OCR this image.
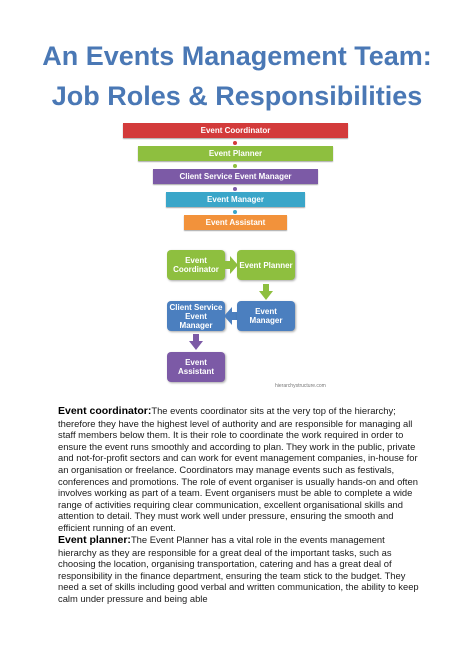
An Events Management Team:
Job Roles & Responsibilities
Event Coordinator
Event Planner
Client Service Event Manager
Event Manager
Event Assistant
Event Coordinator	Event Planner
Client Service Event Manager
Event Manager
Event Assistant
hierarchystructure.com
Event coordinator:The events coordinator sits at the very top of the hierarchy; therefore they have the highest level of authority and are responsible for managing all staff members below them. It is their role to coordinate the work required in order to ensure the event runs smoothly and according to plan. They work in the public, private and not-for-profit sectors and can work for event management companies, in-house for an organisation or freelance. Coordinators may manage events such as festivals, conferences and promotions. The role of event organiser is usually hands-on and often involves working as part of a team. Event organisers must be able to complete a wide range of activities requiring clear communication, excellent organisational skills and attention to detail. They must work well under pressure, ensuring the smooth and efficient running of an event.
Event planner:The Event Planner has a vital role in the events management hierarchy as they are responsible for a great deal of the important tasks, such as choosing the location, organising transportation, catering and has a great deal of responsibility in the finance department, ensuring the team stick to the budget. They need a set of skills including good verbal and written communication, the ability to keep calm under pressure and being able
